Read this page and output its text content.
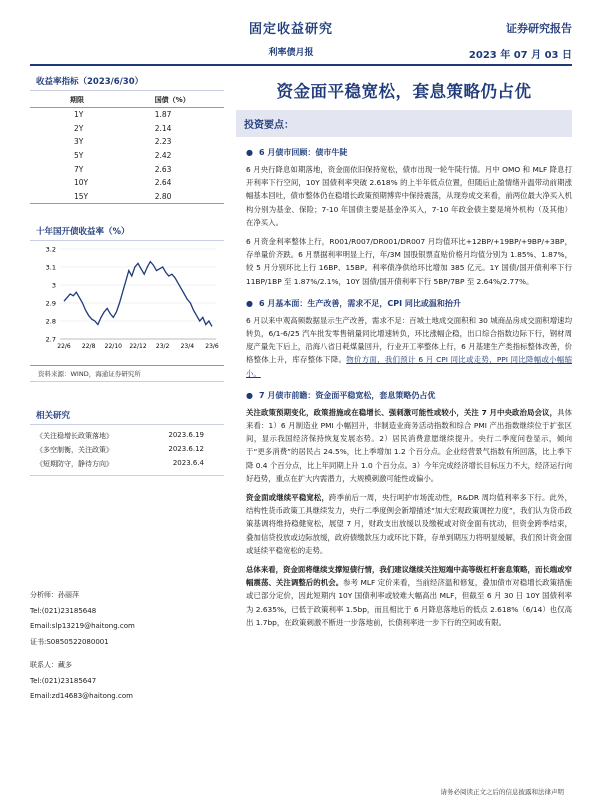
固定收益研究
利率债月报
证券研究报告
2023 年 07 月 03 日
收益率指标（2023/6/30）
期限	国债（%）
1Y	1.87
2Y	2.14
3Y	2.23
5Y	2.42
7Y	2.63
10Y	2.64
15Y	2.80
十年国开债收益率（%）
3.2
3.1
3
2.9
2.8
2.7
22/6 22/8 22/10 22/12 23/2 23/4 23/6
资料来源：WIND，海通证券研究所
相关研究
《关注稳增长政策落地》	2023.6.19
《多空制衡，关注政策》	2023.6.12
《短期防守，静待方向》	2023.6.4
分析师：孙丽萍
Tel:(021)23185648
Email:slp13219@haitong.com
证书:S0850522080001
联系人：藏多
Tel:(021)23185647
Email:zd14683@haitong.com
资金面平稳宽松，套息策略仍占优
投资要点：
● 6 月债市回顾：债市牛陡

6 月央行降息如期落地，资金面依旧保持宽松，债市出现一轮牛陡行情。月中 OMO 和 MLF 降息打开利率下行空间，10Y 国债利率突破 2.618% 的上半年低点位置，但随后止盈情绪升温带动前期涨幅基本回吐，债市整体仍在稳增长政策预期博弈中保持震荡，从现券成交来看，前两位最大净买入机构分别为基金、保险；7-10 年国债主要是基金净买入，7-10 年政金债主要是境外机构（及其他）在净买入。

6 月资金利率整体上行，R001/R007/DR001/DR007 月均值环比+12BP/+19BP/+9BP/+3BP，存单量价齐跌。6 月票据利率明显上行，年/3M 国股银票直贴价格月均值分别为 1.85%、1.87%，较 5 月分别环比上行 16BP、15BP。利率债净供给环比增加 385 亿元。1Y 国债/国开债利率下行 11BP/1BP 至 1.87%/2.1%，10Y 国债/国开债利率下行 5BP/7BP 至 2.64%/2.77%。

● 6 月基本面：生产改善，需求不足，CPI 同比或温和抬升

6 月以来中观高频数据显示生产改善，需求不足：百城土地成交面积和 30 城商品房成交面积增速均转负，6/1-6/25 汽车批发零售销量同比增速转负，环比涨幅企稳，出口综合指数边际下行，钢材周度产量先下后上，沿海八省日耗煤量回升，行业开工率整体上行，6 月基建生产类指标整体改善，价格整体上升，库存整体下降。物价方面，我们预计 6 月 CPI 同比或走势，PPI 同比降幅或小幅缩小。

● 7 月债市前瞻：资金面平稳宽松，套息策略仍占优

关注政策预期变化，政策措施或在稳增长、强刺激可能性或较小，关注 7 月中央政治局会议，具体来看：1）6 月制造业 PMI 小幅回升，非制造业商务活动指数和综合 PMI 产出指数继续位于扩张区间，显示我国经济保持恢复发展态势。2）居民消费意愿继续提升。央行二季度问卷显示，倾向于“更多消费”的居民占 24.5%，比上季增加 1.2 个百分点。企业经营景气指数有所回落，比上季下降 0.4 个百分点，比上年同期上升 1.0 个百分点。3）今年完成经济增长目标压力不大，经济运行向好趋势，重点在扩大内需潜力，大规模刺激可能性或偏小。

资金面或继续平稳宽松，跨季前后一周，央行呵护市场流动性，R&DR 周均值利率多下行。此外，结构性货币政策工具继续发力，央行二季度例会新增描述“加大宏观政策调控力度”，我们认为货币政策基调将维持稳健宽松，展望 7 月，财政支出放缓以及缴税或对资金面有扰动，但资金跨季结束，叠加信贷投放或边际放缓，政府债缴款压力或环比下降，存单到期压力将明显缓解，我们预计资金面或延续平稳宽松的走势。

总体来看，资金面将继续支撑短债行情，我们建议继续关注短端中高等级杠杆套息策略，而长端或窄幅震荡、关注调整后的机会。参考 MLF 定价来看，当前经济温和修复，叠加债市对稳增长政策措施或已部分定价，因此短期内 10Y 国债利率或较难大幅高出 MLF，但截至 6 月 30 日 10Y 国债利率为 2.635%，已低于政策利率 1.5bp，而且相比于 6 月降息落地后的低点 2.618%（6/14）也仅高出 1.7bp，在政策刺激不断进一步落地前，长债利率进一步下行的空间或有限。

请务必阅读正文之后的信息披露和法律声明
